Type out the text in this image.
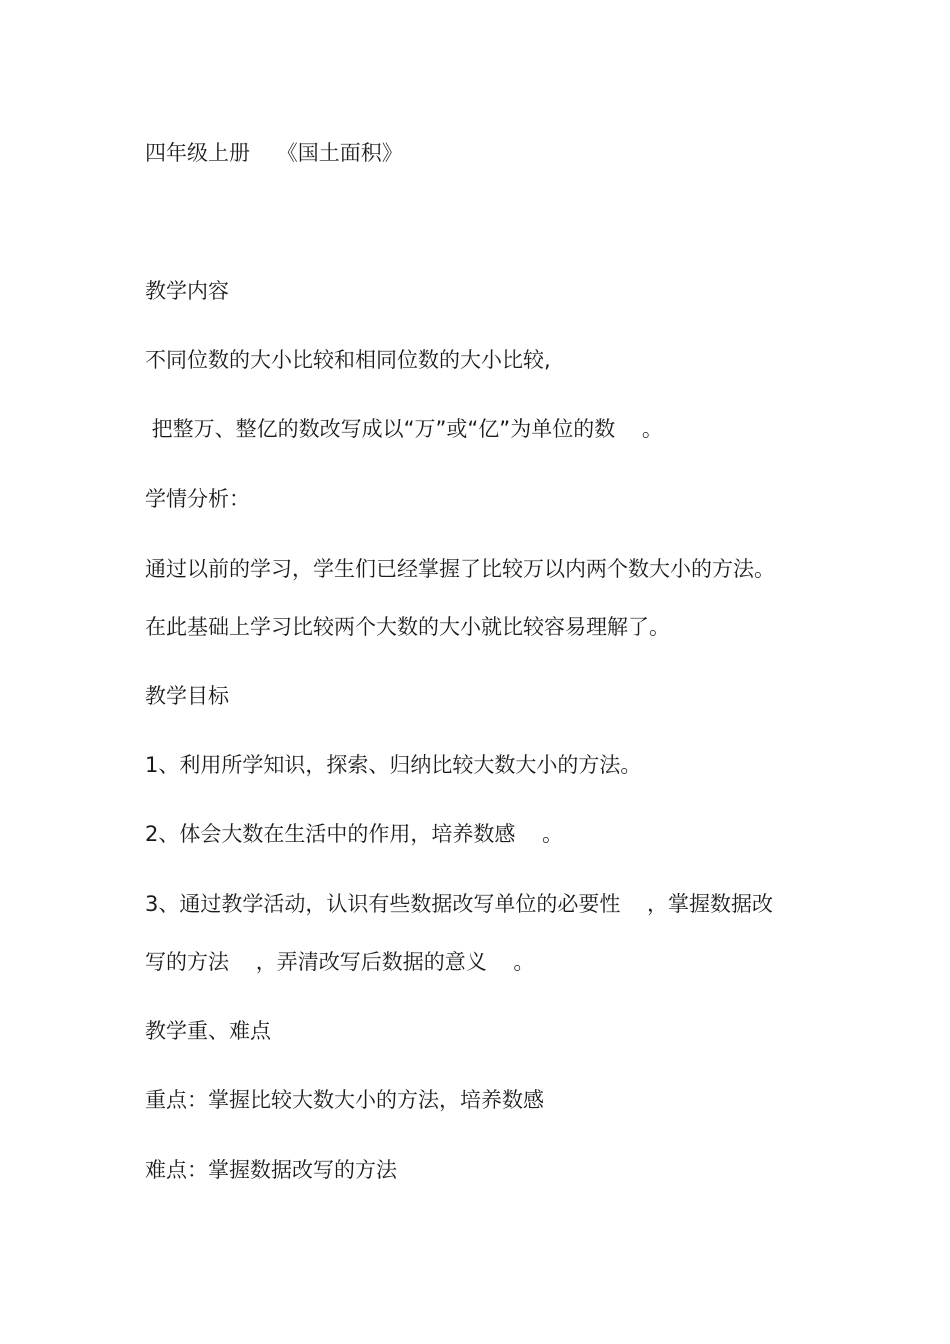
四年级上册    《国土面积》

教学内容

不同位数的大小比较和相同位数的大小比较,

把整万、整亿的数改写成以“万”或“亿”为单位的数    。

学情分析：

通过以前的学习，学生们已经掌握了比较万以内两个数大小的方法。

在此基础上学习比较两个大数的大小就比较容易理解了。

教学目标

1、利用所学知识，探索、归纳比较大数大小的方法。

2、体会大数在生活中的作用，培养数感    。

3、通过教学活动，认识有些数据改写单位的必要性    ，掌握数据改

写的方法    ，弄清改写后数据的意义    。

教学重、难点

重点：掌握比较大数大小的方法，培养数感

难点：掌握数据改写的方法
